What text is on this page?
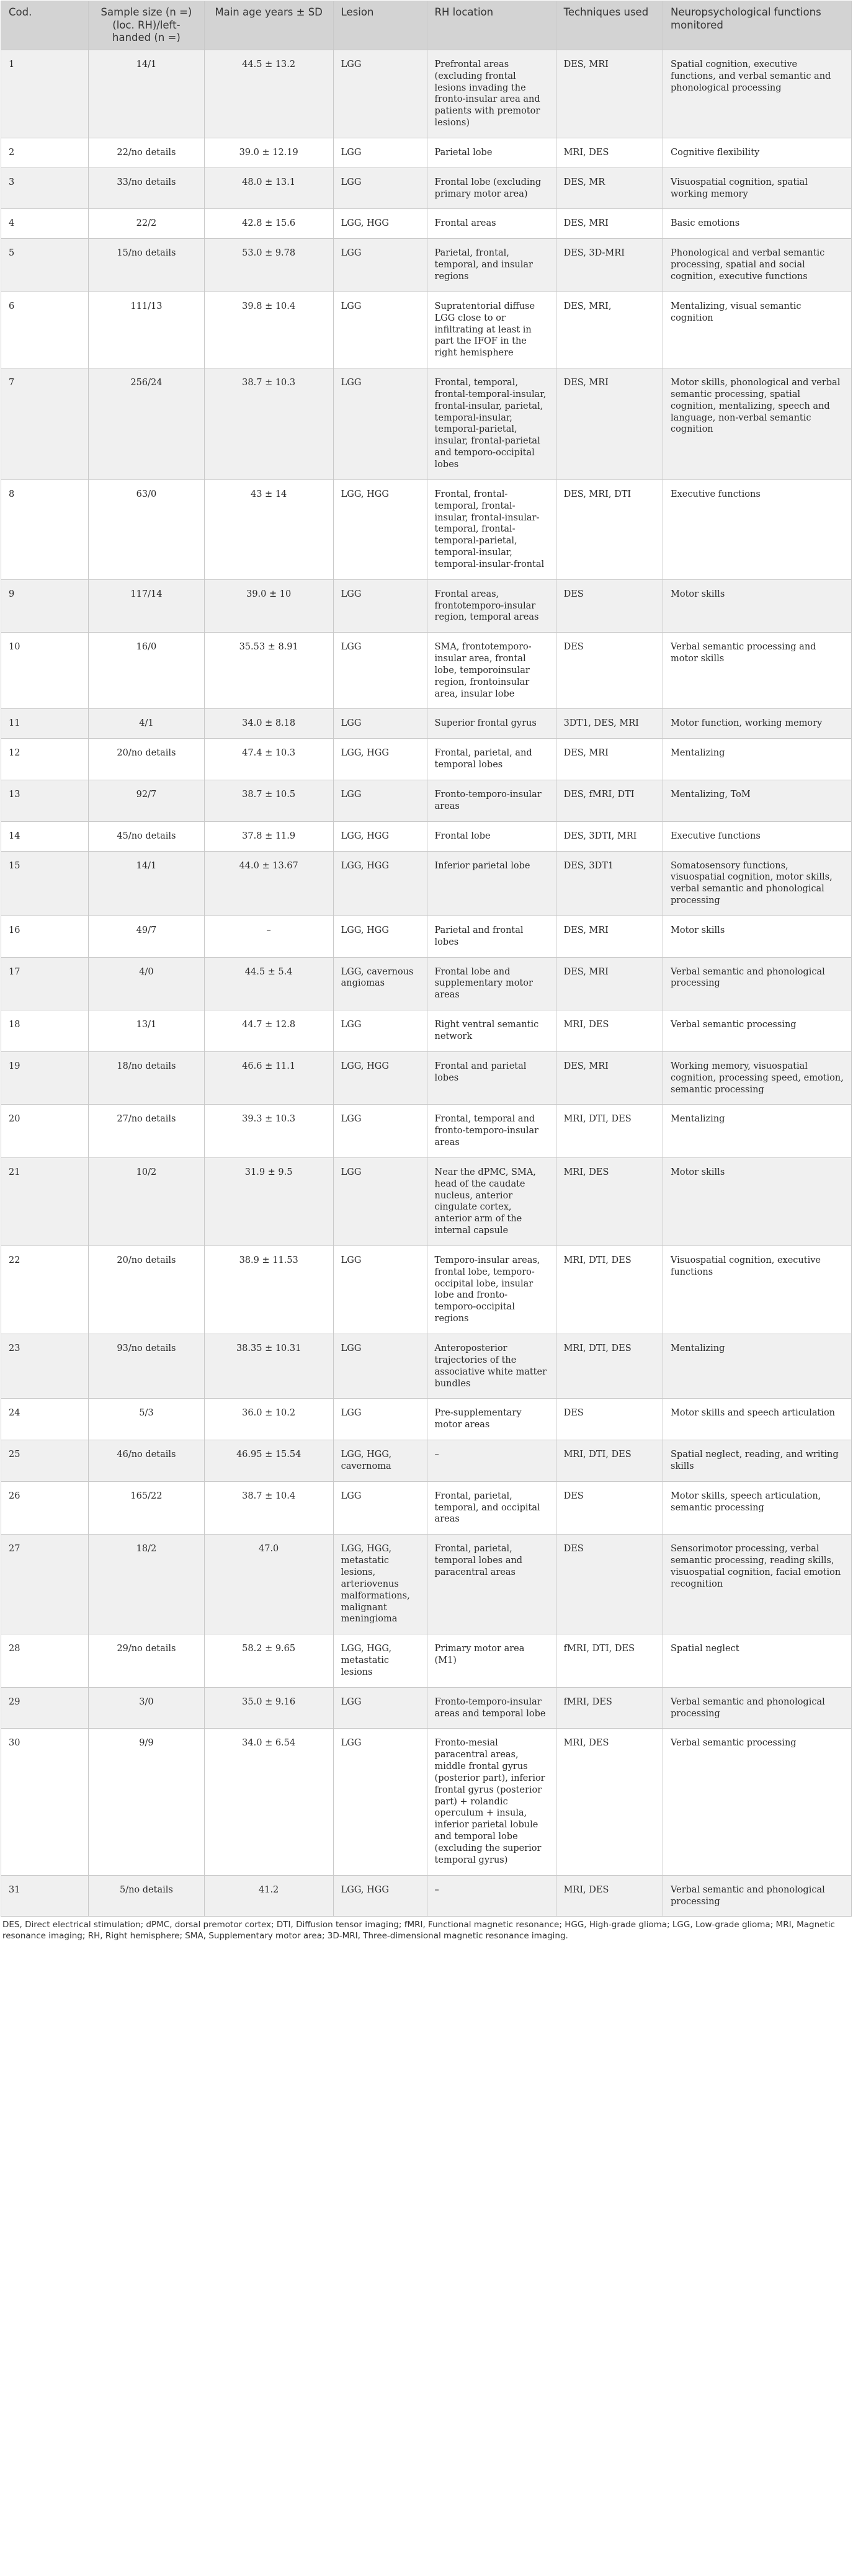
Cod.	Sample size (n =) (loc. RH)/left-handed (n =)	Main age years ± SD	Lesion	RH location	Techniques used	Neuropsychological functions monitored
1	14/1	44.5 ± 13.2	LGG	Prefrontal areas (excluding frontal lesions invading the fronto-insular area and patients with premotor lesions)	DES, MRI	Spatial cognition, executive functions, and verbal semantic and phonological processing
2	22/no details	39.0 ± 12.19	LGG	Parietal lobe	MRI, DES	Cognitive flexibility
3	33/no details	48.0 ± 13.1	LGG	Frontal lobe (excluding primary motor area)	DES, MR	Visuospatial cognition, spatial working memory
4	22/2	42.8 ± 15.6	LGG, HGG	Frontal areas	DES, MRI	Basic emotions
5	15/no details	53.0 ± 9.78	LGG	Parietal, frontal, temporal, and insular regions	DES, 3D-MRI	Phonological and verbal semantic processing, spatial and social cognition, executive functions
6	111/13	39.8 ± 10.4	LGG	Supratentorial diffuse LGG close to or infiltrating at least in part the IFOF in the right hemisphere	DES, MRI,	Mentalizing, visual semantic cognition
7	256/24	38.7 ± 10.3	LGG	Frontal, temporal, frontal-temporal-insular, frontal-insular, parietal, temporal-insular, temporal-parietal, insular, frontal-parietal and temporo-occipital lobes	DES, MRI	Motor skills, phonological and verbal semantic processing, spatial cognition, mentalizing, speech and language, non-verbal semantic cognition
8	63/0	43 ± 14	LGG, HGG	Frontal, frontal-temporal, frontal-insular, frontal-insular-temporal, frontal-temporal-parietal, temporal-insular, temporal-insular-frontal	DES, MRI, DTI	Executive functions
9	117/14	39.0 ± 10	LGG	Frontal areas, frontotemporo-insular region, temporal areas	DES	Motor skills
10	16/0	35.53 ± 8.91	LGG	SMA, frontotemporo-insular area, frontal lobe, temporoinsular region, frontoinsular area, insular lobe	DES	Verbal semantic processing and motor skills
11	4/1	34.0 ± 8.18	LGG	Superior frontal gyrus	3DT1, DES, MRI	Motor function, working memory
12	20/no details	47.4 ± 10.3	LGG, HGG	Frontal, parietal, and temporal lobes	DES, MRI	Mentalizing
13	92/7	38.7 ± 10.5	LGG	Fronto-temporo-insular areas	DES, fMRI, DTI	Mentalizing, ToM
14	45/no details	37.8 ± 11.9	LGG, HGG	Frontal lobe	DES, 3DTI, MRI	Executive functions
15	14/1	44.0 ± 13.67	LGG, HGG	Inferior parietal lobe	DES, 3DT1	Somatosensory functions, visuospatial cognition, motor skills, verbal semantic and phonological processing
16	49/7	–	LGG, HGG	Parietal and frontal lobes	DES, MRI	Motor skills
17	4/0	44.5 ± 5.4	LGG, cavernous angiomas	Frontal lobe and supplementary motor areas	DES, MRI	Verbal semantic and phonological processing
18	13/1	44.7 ± 12.8	LGG	Right ventral semantic network	MRI, DES	Verbal semantic processing
19	18/no details	46.6 ± 11.1	LGG, HGG	Frontal and parietal lobes	DES, MRI	Working memory, visuospatial cognition, processing speed, emotion, semantic processing
20	27/no details	39.3 ± 10.3	LGG	Frontal, temporal and fronto-temporo-insular areas	MRI, DTI, DES	Mentalizing
21	10/2	31.9 ± 9.5	LGG	Near the dPMC, SMA, head of the caudate nucleus, anterior cingulate cortex, anterior arm of the internal capsule	MRI, DES	Motor skills
22	20/no details	38.9 ± 11.53	LGG	Temporo-insular areas, frontal lobe, temporo-occipital lobe, insular lobe and fronto-temporo-occipital regions	MRI, DTI, DES	Visuospatial cognition, executive functions
23	93/no details	38.35 ± 10.31	LGG	Anteroposterior trajectories of the associative white matter bundles	MRI, DTI, DES	Mentalizing
24	5/3	36.0 ± 10.2	LGG	Pre-supplementary motor areas	DES	Motor skills and speech articulation
25	46/no details	46.95 ± 15.54	LGG, HGG, cavernoma	–	MRI, DTI, DES	Spatial neglect, reading, and writing skills
26	165/22	38.7 ± 10.4	LGG	Frontal, parietal, temporal, and occipital areas	DES	Motor skills, speech articulation, semantic processing
27	18/2	47.0	LGG, HGG, metastatic lesions, arteriovenus malformations, malignant meningioma	Frontal, parietal, temporal lobes and paracentral areas	DES	Sensorimotor processing, verbal semantic processing, reading skills, visuospatial cognition, facial emotion recognition
28	29/no details	58.2 ± 9.65	LGG, HGG, metastatic lesions	Primary motor area (M1)	fMRI, DTI, DES	Spatial neglect
29	3/0	35.0 ± 9.16	LGG	Fronto-temporo-insular areas and temporal lobe	fMRI, DES	Verbal semantic and phonological processing
30	9/9	34.0 ± 6.54	LGG	Fronto-mesial paracentral areas, middle frontal gyrus (posterior part), inferior frontal gyrus (posterior part) + rolandic operculum + insula, inferior parietal lobule and temporal lobe (excluding the superior temporal gyrus)	MRI, DES	Verbal semantic processing
31	5/no details	41.2	LGG, HGG	–	MRI, DES	Verbal semantic and phonological processing
DES, Direct electrical stimulation; dPMC, dorsal premotor cortex; DTI, Diffusion tensor imaging; fMRI, Functional magnetic resonance; HGG, High-grade glioma; LGG, Low-grade glioma; MRI, Magnetic resonance imaging; RH, Right hemisphere; SMA, Supplementary motor area; 3D-MRI, Three-dimensional magnetic resonance imaging.
